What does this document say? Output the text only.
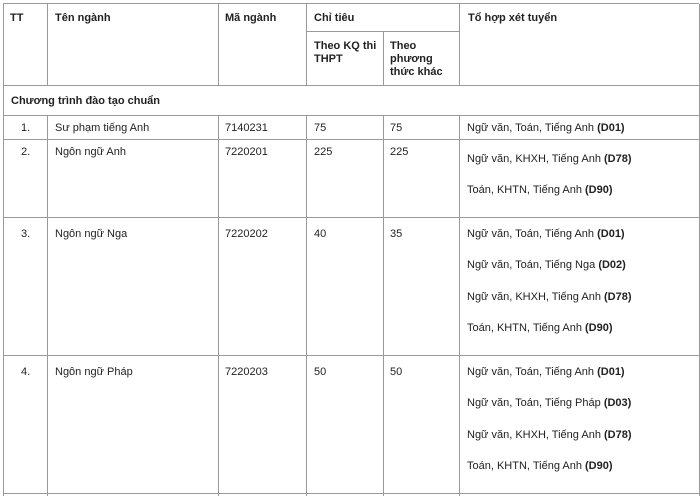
TT	Tên ngành	Mã ngành	Chỉ tiêu
Theo KQ thi THPT
Theo phương thức khác
Tổ hợp xét tuyển
Chương trình đào tạo chuẩn
1. Sư phạm tiếng Anh	7140231	75	75	Ngữ văn, Toán, Tiếng Anh (D01)
2. Ngôn ngữ Anh	7220201	225	225
Ngữ văn, KHXH, Tiếng Anh (D78)
Toán, KHTN, Tiếng Anh (D90)
3. Ngôn ngữ Nga	7220202	40	35	Ngữ văn, Toán, Tiếng Anh (D01)
Ngữ văn, Toán, Tiếng Nga (D02)
Ngữ văn, KHXH, Tiếng Anh (D78)
Toán, KHTN, Tiếng Anh (D90)
4. Ngôn ngữ Pháp	7220203	50	50	Ngữ văn, Toán, Tiếng Anh (D01)
Ngữ văn, Toán, Tiếng Pháp (D03)
Ngữ văn, KHXH, Tiếng Anh (D78)
Toán, KHTN, Tiếng Anh (D90)
